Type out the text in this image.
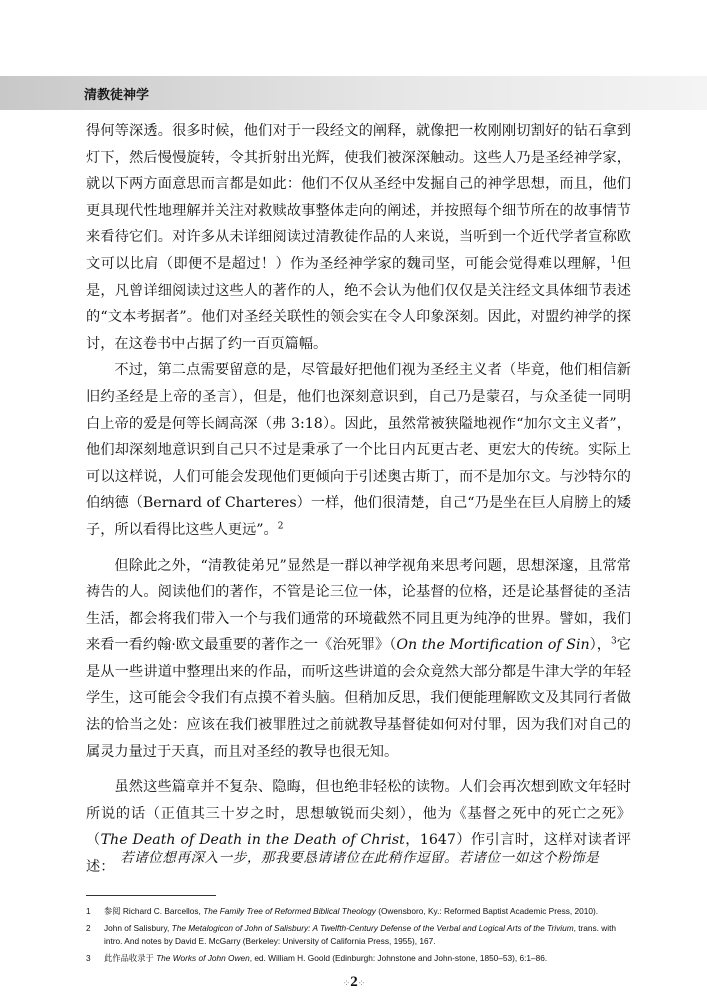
清教徒神学

得何等深透。很多时候，他们对于一段经文的阐释，就像把一枚刚刚切割好的钻石拿到灯下，然后慢慢旋转，令其折射出光辉，使我们被深深触动。这些人乃是圣经神学家，就以下两方面意思而言都是如此：他们不仅从圣经中发掘自己的神学思想，而且，他们更具现代性地理解并关注对救赎故事整体走向的阐述，并按照每个细节所在的故事情节来看待它们。对许多从未详细阅读过清教徒作品的人来说，当听到一个近代学者宣称欧文可以比肩（即便不是超过！）作为圣经神学家的魏司坚，可能会觉得难以理解，$^1$但是，凡曾详细阅读过这些人的著作的人，绝不会认为他们仅仅是关注经文具体细节表述的“文本考据者”。他们对圣经关联性的领会实在令人印象深刻。因此，对盟约神学的探讨，在这卷书中占据了约一百页篇幅。

不过，第二点需要留意的是，尽管最好把他们视为圣经主义者（毕竟，他们相信新旧约圣经是上帝的圣言），但是，他们也深刻意识到，自己乃是蒙召，与众圣徒一同明白上帝的爱是何等长阔高深（弗 3:18）。因此，虽然常被狭隘地视作“加尔文主义者”，他们却深刻地意识到自己只不过是秉承了一个比日内瓦更古老、更宏大的传统。实际上可以这样说，人们可能会发现他们更倾向于引述奥古斯丁，而不是加尔文。与沙特尔的伯纳德（Bernard of Charteres）一样，他们很清楚，自己“乃是坐在巨人肩膀上的矮子，所以看得比这些人更远”。$^2$

但除此之外，“清教徒弟兄”显然是一群以神学视角来思考问题，思想深邃，且常常祷告的人。阅读他们的著作，不管是论三位一体，论基督的位格，还是论基督徒的圣洁生活，都会将我们带入一个与我们通常的环境截然不同且更为纯净的世界。譬如，我们来看一看约翰·欧文最重要的著作之一《治死罪》（On the Mortification of Sin），$^3$它是从一些讲道中整理出来的作品，而听这些讲道的会众竟然大部分都是牛津大学的年轻学生，这可能会令我们有点摸不着头脑。但稍加反思，我们便能理解欧文及其同行者做法的恰当之处：应该在我们被罪胜过之前就教导基督徒如何对付罪，因为我们对自己的属灵力量过于天真，而且对圣经的教导也很无知。

虽然这些篇章并不复杂、隐晦，但也绝非轻松的读物。人们会再次想到欧文年轻时所说的话（正值其三十岁之时，思想敏锐而尖刻），他为《基督之死中的死亡之死》（The Death of Death in the Death of Christ，1647）作引言时，这样对读者评述：

若诸位想再深入一步，那我要恳请诸位在此稍作逗留。若诸位一如这个粉饰是
1	参阅 Richard C. Barcellos, The Family Tree of Reformed Biblical Theology (Owensboro, Ky.: Reformed Baptist Academic Press, 2010).
2	John of Salisbury, The Metalogicon of John of Salisbury: A Twelfth-Century Defense of the Verbal and Logical Arts of the Trivium, trans. with intro. And notes by David E. McGarry (Berkeley: University of California Press, 1955), 167.
3	此作品收录于 The Works of John Owen, ed. William H. Goold (Edinburgh: Johnstone and John-stone, 1850–53), 6:1–86.
⁘2⁘
